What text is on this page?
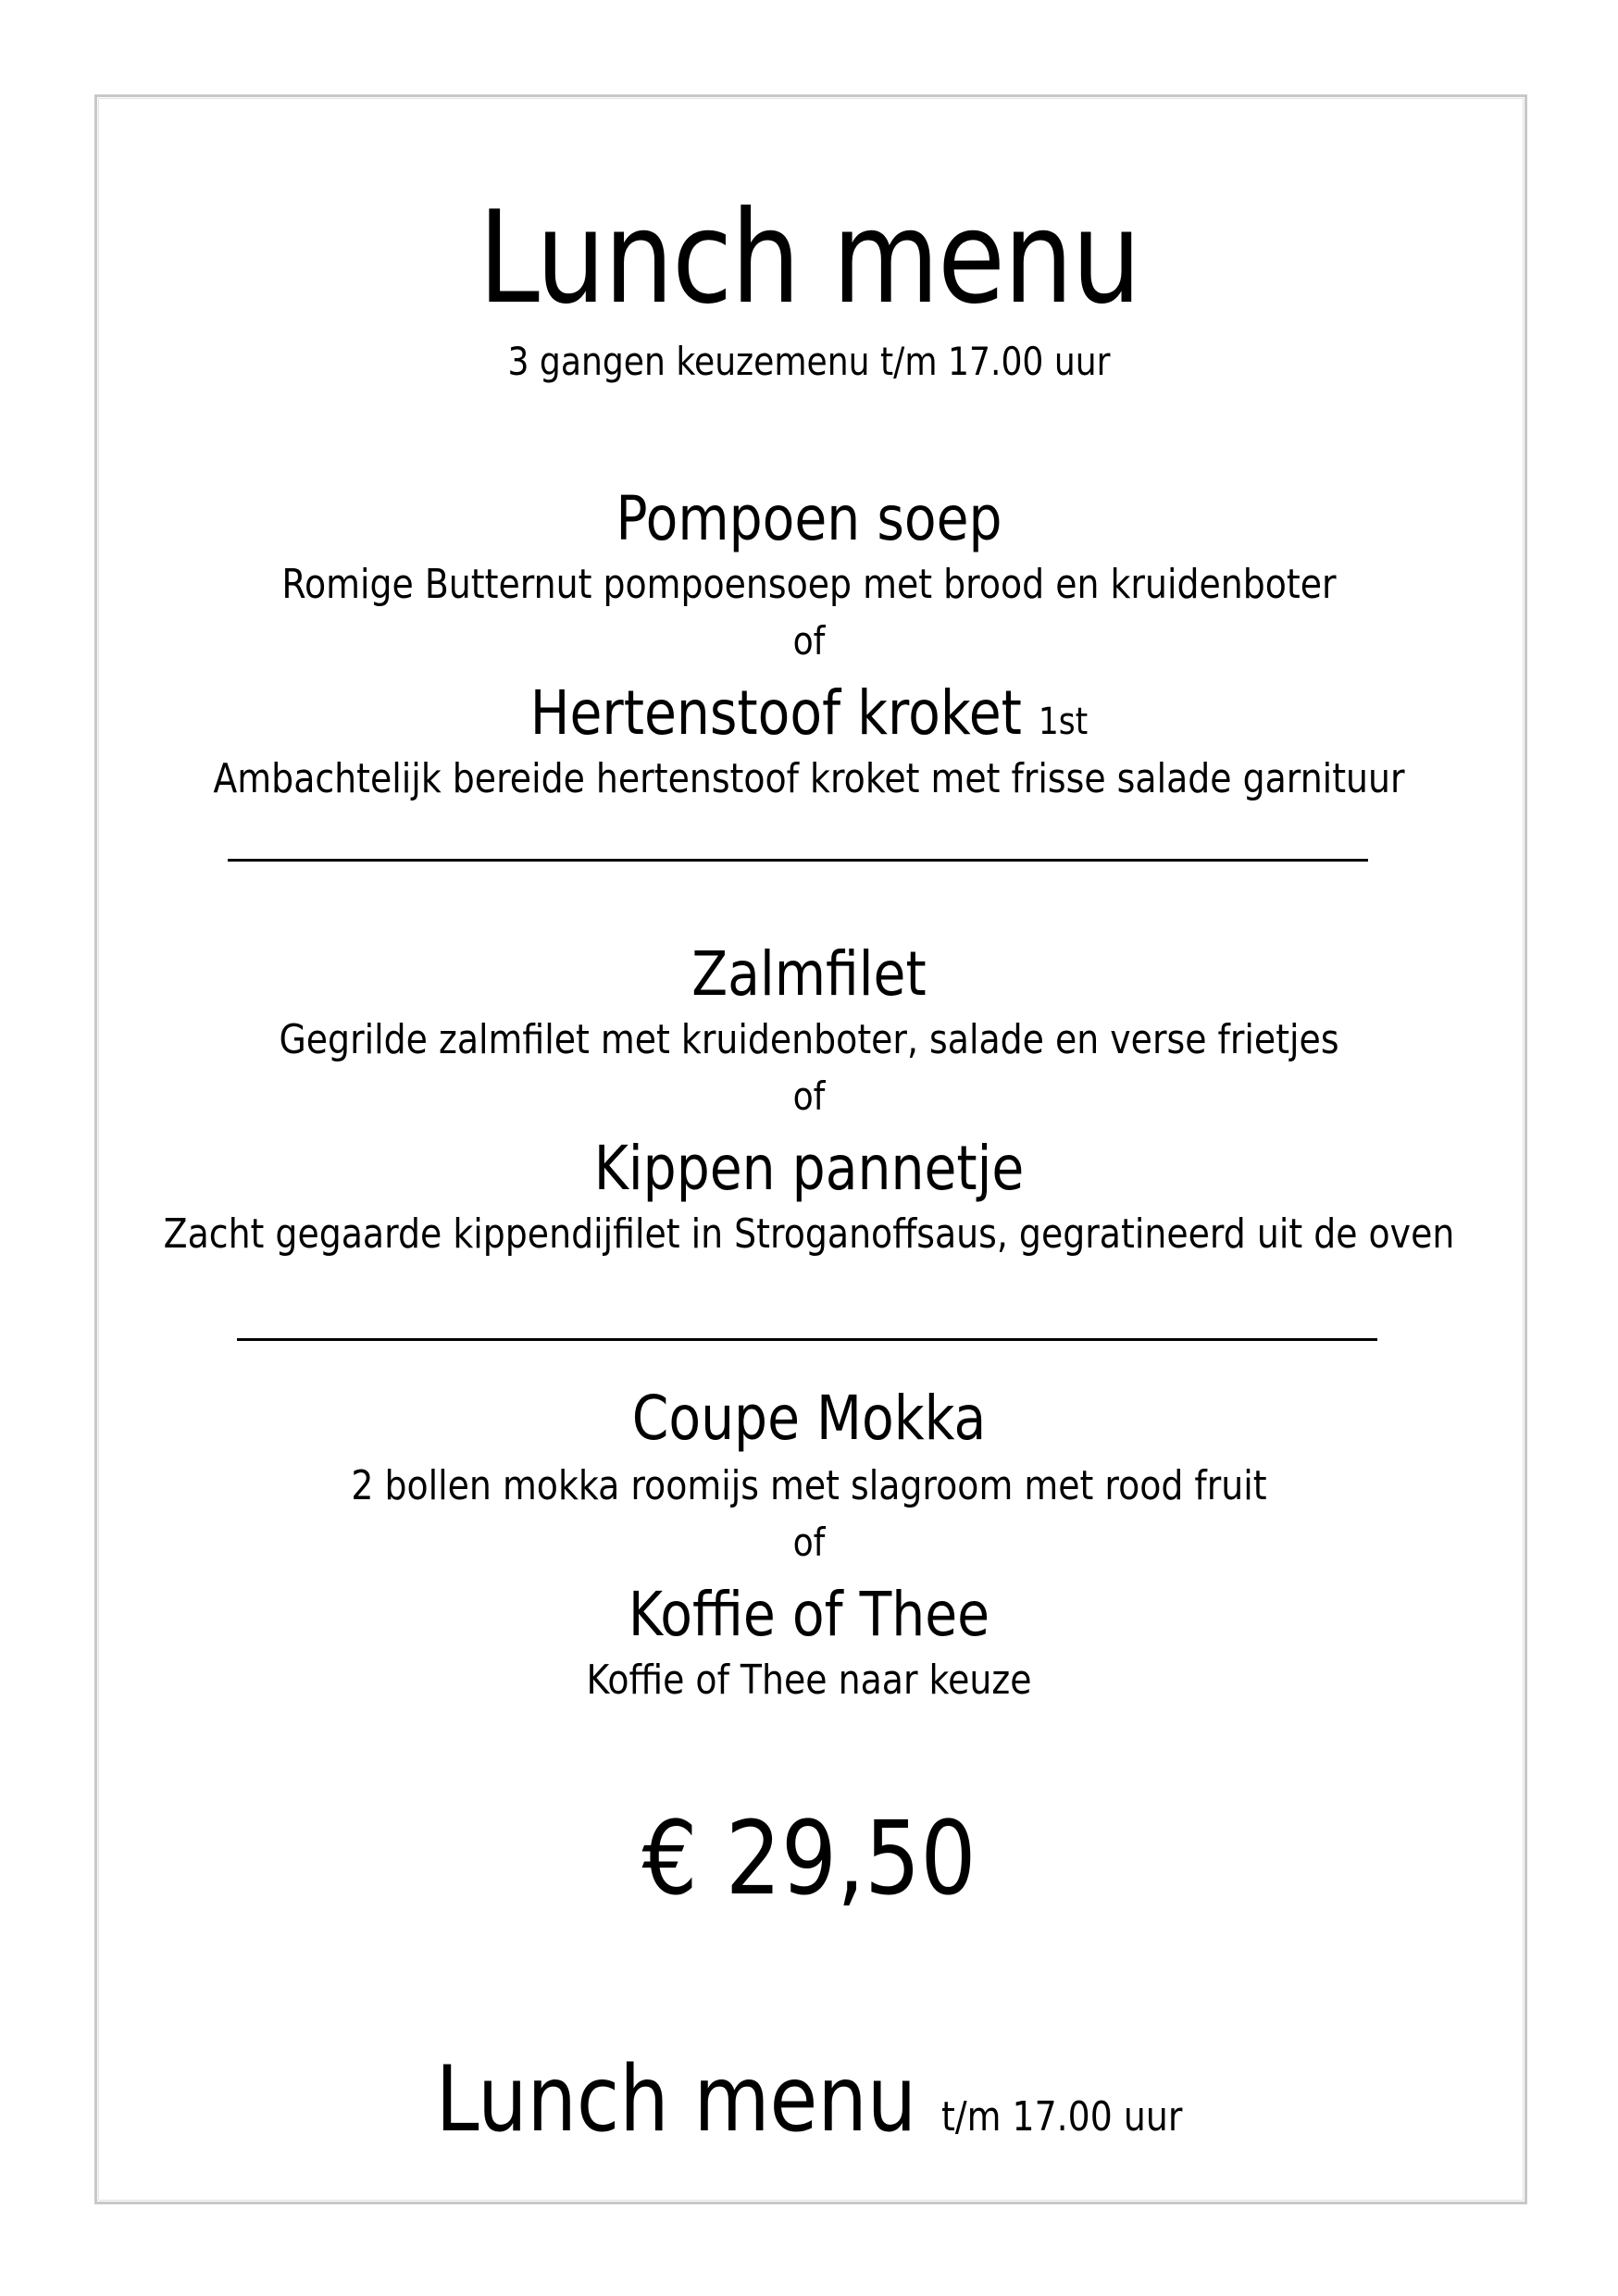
Lunch menu
3 gangen keuzemenu t/m 17.00 uur
Pompoen soep
Romige Butternut pompoensoep met brood en kruidenboter
of
Hertenstoof kroket 1st
Ambachtelijk bereide hertenstoof kroket met frisse salade garnituur
Zalmfilet
Gegrilde zalmfilet met kruidenboter, salade en verse frietjes
of
Kippen pannetje
Zacht gegaarde kippendijfilet in Stroganoffsaus, gegratineerd uit de oven
Coupe Mokka
2 bollen mokka roomijs met slagroom met rood fruit
of
Koffie of Thee
Koffie of Thee naar keuze
€ 29,50
Lunch menu t/m 17.00 uur
